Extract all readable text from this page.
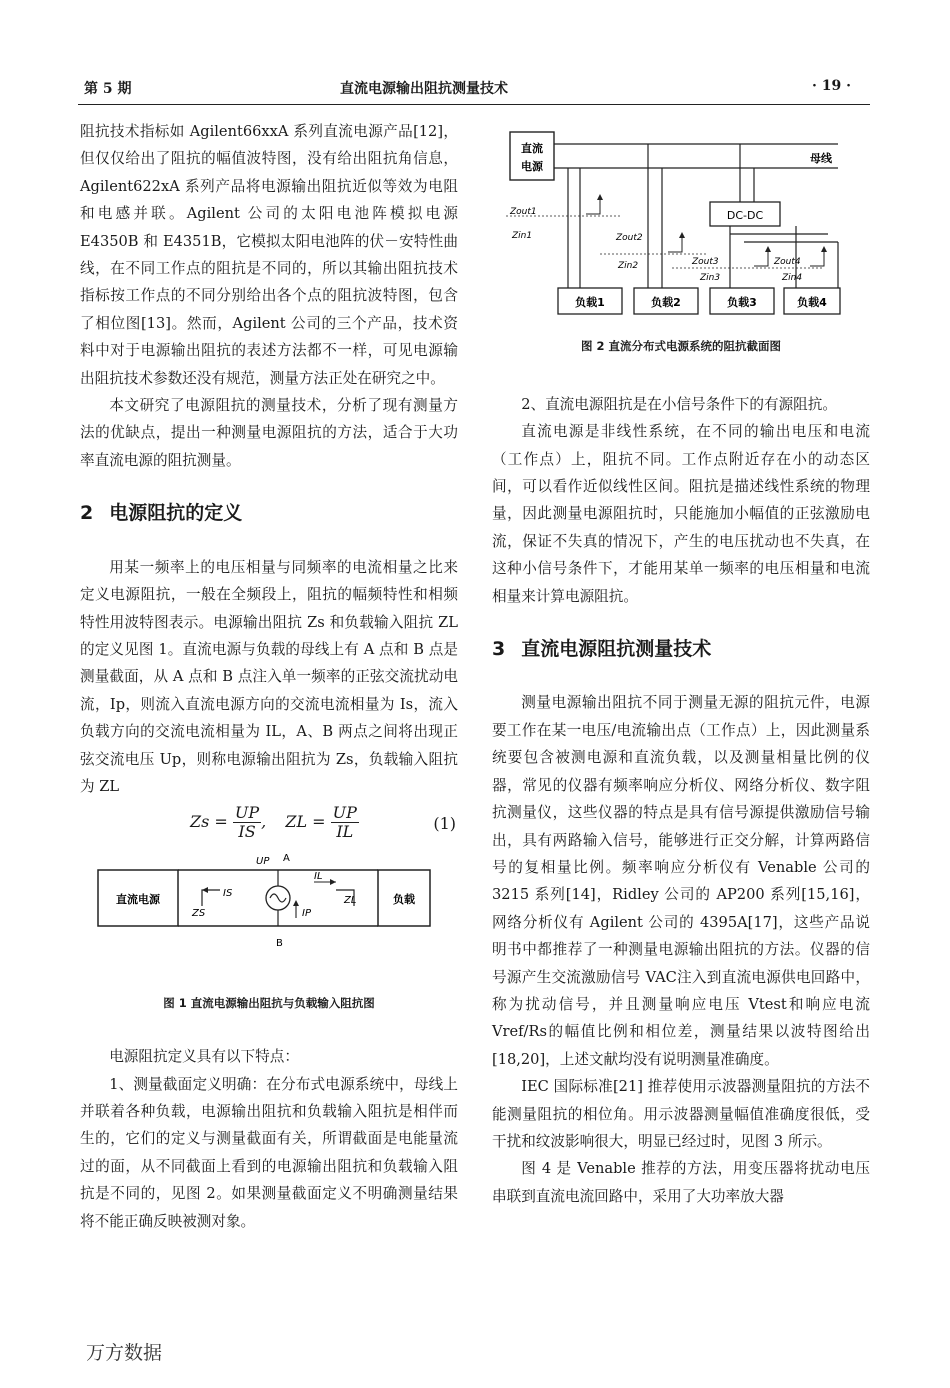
第 5 期	直流电源输出阻抗测量技术	· 19 ·

阻抗技术指标如 Agilent66xxA 系列直流电源产品[12]，但仅仅给出了阻抗的幅值波特图，没有给出阻抗角信息，Agilent622xA 系列产品将电源输出阻抗近似等效为电阻和电感并联。Agilent 公司的太阳电池阵模拟电源 E4350B 和 E4351B，它模拟太阳电池阵的伏－安特性曲线，在不同工作点的阻抗是不同的，所以其输出阻抗技术指标按工作点的不同分别给出各个点的阻抗波特图，包含了相位图[13]。然而，Agilent 公司的三个产品，技术资料中对于电源输出阻抗的表述方法都不一样，可见电源输出阻抗技术参数还没有规范，测量方法正处在研究之中。

本文研究了电源阻抗的测量技术，分析了现有测量方法的优缺点，提出一种测量电源阻抗的方法，适合于大功率直流电源的阻抗测量。

2 电源阻抗的定义

用某一频率上的电压相量与同频率的电流相量之比来定义电源阻抗，一般在全频段上，阻抗的幅频特性和相频特性用波特图表示。电源输出阻抗 Zs 和负载输入阻抗 ZL的定义见图 1。直流电源与负载的母线上有 A 点和 B 点是测量截面，从 A 点和 B 点注入单一频率的正弦交流扰动电流，Ip，则流入直流电源方向的交流电流相量为 Is，流入负载方向的交流电流相量为 IL，A、B 两点之间将出现正弦交流电压 Up，则称电源输出阻抗为 Zs，负载输入阻抗为 ZL

$Zs = \frac{UP}{IS}$ , ZL = $\frac{UP}{IL}$	(1)
直流电源	负载
UP A
B
IS
ZS
IL
IP
ZL
图 1 直流电源输出阻抗与负载输入阻抗图

电源阻抗定义具有以下特点：

1、测量截面定义明确：在分布式电源系统中，母线上并联着各种负载，电源输出阻抗和负载输入阻抗是相伴而生的，它们的定义与测量截面有关，所谓截面是电能量流过的面，从不同截面上看到的电源输出阻抗和负载输入阻抗是不同的，见图 2。如果测量截面定义不明确测量结果将不能正确反映被测对象。

直流
电源
母线
Zout1
Zin1
负载1
Zout2
Zin2
负载2
DC-DC
Zout3
Zin3
Zout4
Zin4
负载3	负载4
图 2 直流分布式电源系统的阻抗截面图

2、直流电源阻抗是在小信号条件下的有源阻抗。

直流电源是非线性系统，在不同的输出电压和电流（工作点）上，阻抗不同。工作点附近存在小的动态区间，可以看作近似线性区间。阻抗是描述线性系统的物理量，因此测量电源阻抗时，只能施加小幅值的正弦激励电流，保证不失真的情况下，产生的电压扰动也不失真，在这种小信号条件下，才能用某单一频率的电压相量和电流相量来计算电源阻抗。

3 直流电源阻抗测量技术

测量电源输出阻抗不同于测量无源的阻抗元件，电源要工作在某一电压/电流输出点（工作点）上，因此测量系统要包含被测电源和直流负载，以及测量相量比例的仪器，常见的仪器有频率响应分析仪、网络分析仪、数字阻抗测量仪，这些仪器的特点是具有信号源提供激励信号输出，具有两路输入信号，能够进行正交分解，计算两路信号的复相量比例。频率响应分析仪有 Venable 公司的 3215 系列[14]，Ridley 公司的 AP200 系列[15,16]，网络分析仪有 Agilent 公司的 4395A[17]，这些产品说明书中都推荐了一种测量电源输出阻抗的方法。仪器的信号源产生交流激励信号 VAC注入到直流电源供电回路中，称为扰动信号，并且测量响应电压 Vtest和响应电流 Vref/Rs的幅值比例和相位差，测量结果以波特图给出[18,20]，上述文献均没有说明测量准确度。

IEC 国际标准[21] 推荐使用示波器测量阻抗的方法不能测量阻抗的相位角。用示波器测量幅值准确度很低，受干扰和纹波影响很大，明显已经过时，见图 3 所示。

图 4 是 Venable 推荐的方法，用变压器将扰动电压串联到直流电流回路中，采用了大功率放大器

万方数据
